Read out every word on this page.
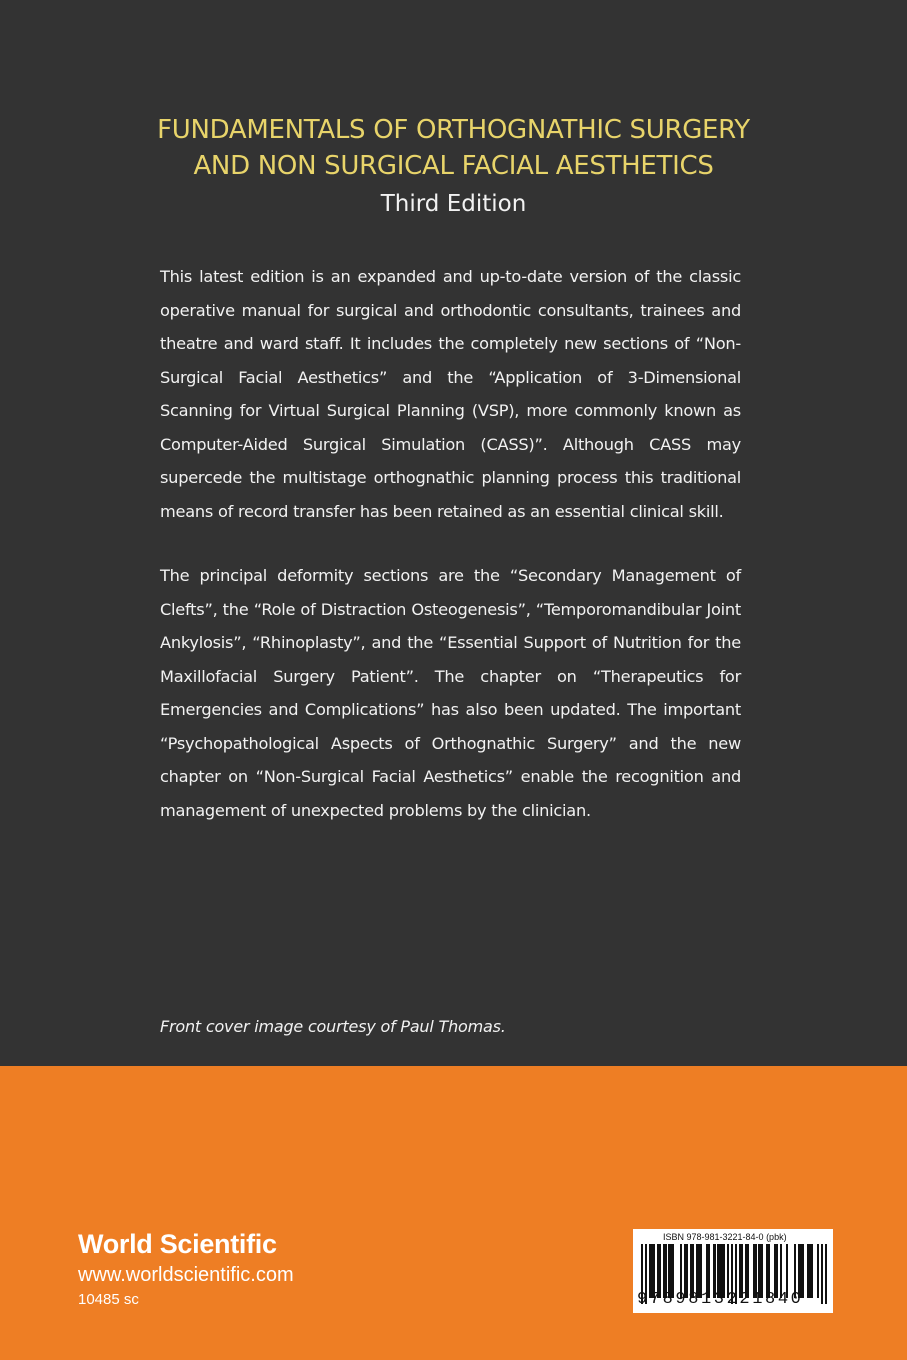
FUNDAMENTALS OF ORTHOGNATHIC SURGERY
AND NON SURGICAL FACIAL AESTHETICS
Third Edition

This latest edition is an expanded and up-to-date version of the classic operative manual for surgical and orthodontic consultants, trainees and theatre and ward staff. It includes the completely new sections of “Non-Surgical Facial Aesthetics” and the “Application of 3-Dimensional Scanning for Virtual Surgical Planning (VSP), more commonly known as Computer-Aided Surgical Simulation (CASS)”. Although CASS may supercede the multistage orthognathic planning process this traditional means of record transfer has been retained as an essential clinical skill.

The principal deformity sections are the “Secondary Management of Clefts”, the “Role of Distraction Osteogenesis”, “Temporomandibular Joint Ankylosis”, “Rhinoplasty”, and the “Essential Support of Nutrition for the Maxillofacial Surgery Patient”. The chapter on “Therapeutics for Emergencies and Complications” has also been updated. The important “Psychopathological Aspects of Orthognathic Surgery” and the new chapter on “Non-Surgical Facial Aesthetics” enable the recognition and management of unexpected problems by the clinician.

Front cover image courtesy of Paul Thomas.
World Scientific
www.worldscientific.com
10485 sc
ISBN 978-981-3221-84-0 (pbk)
9789813221840
